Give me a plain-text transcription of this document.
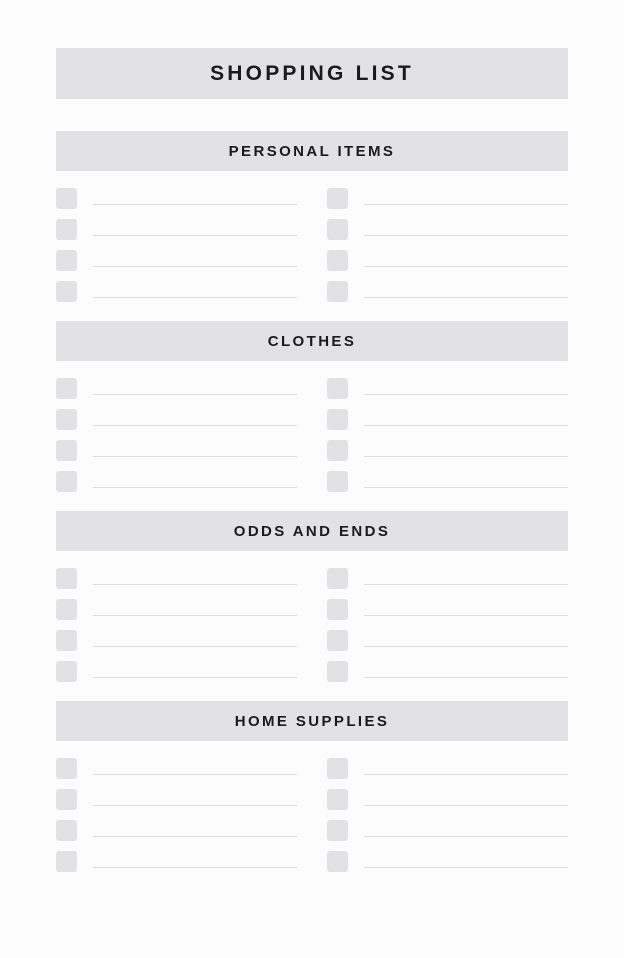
SHOPPING LIST
PERSONAL ITEMS
CLOTHES
ODDS AND ENDS
HOME SUPPLIES
